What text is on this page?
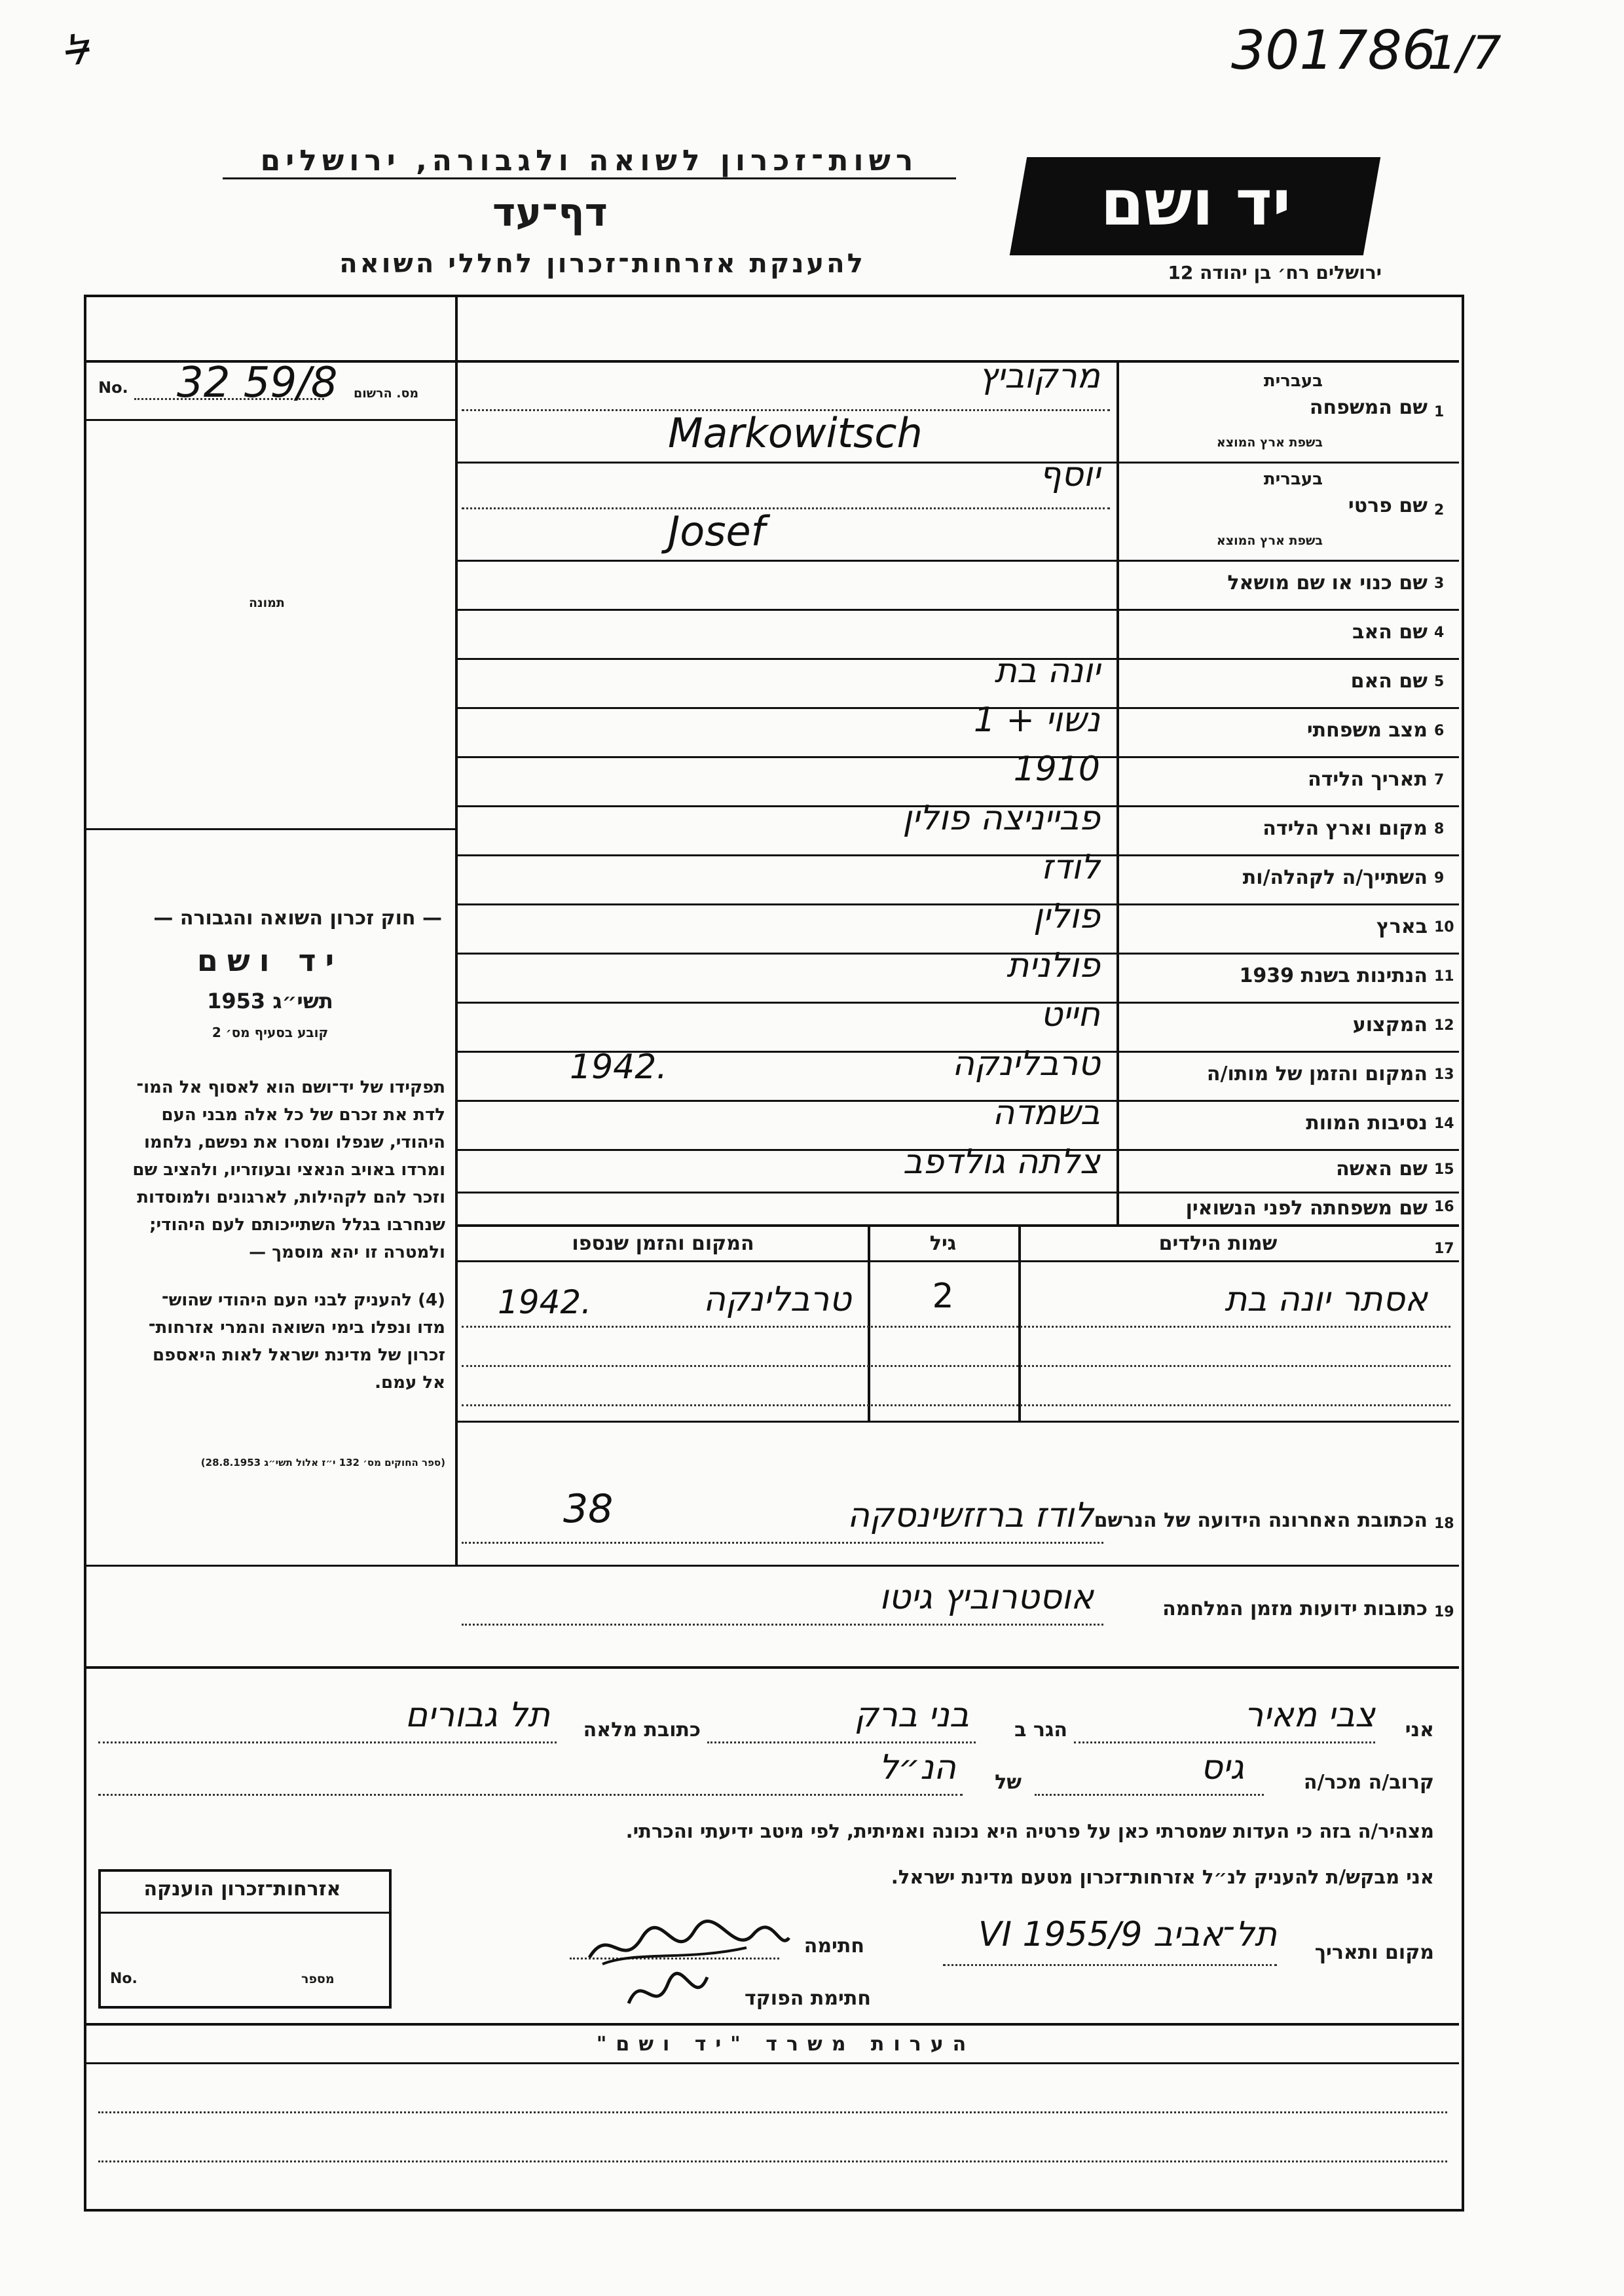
ל	301786
1/7
רשות־זכרון לשואה ולגבורה, ירושלים
דף־עד
להענקת אזרחות־זכרון לחללי השואה
יד ושם
ירושלים רח׳ בן יהודה 12
No. 32 59/8 מס. הרשום
תמונה
— חוק זכרון השואה והגבורה —
יד ושם
תשי״ג 1953
קובע בסעיף מס׳ 2
תפקידו של יד־ושם הוא לאסוף אל המו־
לדת את זכרם של כל אלה מבני העם
היהודי, שנפלו ומסרו את נפשם, נלחמו
ומרדו באויב הנאצי ובעוזריו, ולהציב שם
וזכר להם לקהילות, לארגונים ולמוסדות
שנחרבו בגלל השתייכותם לעם היהודי;
ולמטרה זו יהא מוסמך —
(4) להעניק לבני העם היהודי שהוש־
מדו ונפלו בימי השואה והמרי אזרחות־
זכרון של מדינת ישראל לאות היאספם
אל עמם.
(ספר החוקים מס׳ 132 י״ז אלול תשי״ג 28.8.1953)
1
שם המשפחה
בעברית
בשפת ארץ המוצא
מרקוביץ
Markowitsch
2
שם פרטי
בעברית
בשפת ארץ המוצא
יוסף
Josef
3
שם כנוי או שם מושאל
4
שם האב
5
שם האם
יונה בת
6
מצב משפחתי
נשוי + 1
7
תאריך הלידה
1910
8
מקום וארץ הלידה
פבייניצה פולין
9
השתייך/ה לקהלה/ות
לודז
10
בארץ
פולין
11
הנתינות בשנת 1939
פולנית
12
המקצוע
חייט
13
המקום והזמן של מותו/ה
טרבלינקה
1942.
14
נסיבות המוות
בשמדה
15
שם האשה
צלתה גולדפב
16
שם משפחתה לפני הנשואין
17
שמות הילדים
גיל
המקום והזמן שנספו
אסתר יונה בת
2
טרבלינקה
1942.
18
הכתובת האחרונה הידועה של הנרשם
לודז ברזזשינסקה
38
19
כתובות ידועות מזמן המלחמה
אוסטרוביץ גיטו
אני
צבי מאיר
הגר ב
בני ברק
כתובת מלאה
תל גבורים
קרוב/ה מכר/ה
גיס
של
הנ״ל
מצהיר/ה בזה כי העדות שמסרתי כאן על פרטיה היא נכונה ואמיתית, לפי מיטב ידיעתי והכרתי.
אני מבקש/ת להעניק לנ״ל אזרחות־זכרון מטעם מדינת ישראל.
מקום ותאריך
תל־אביב 9/VI 1955
חתימה
חתימת הפוקד
אזרחות־זכרון הוענקה
No.	מספר
הערות משרד "יד ושם"
